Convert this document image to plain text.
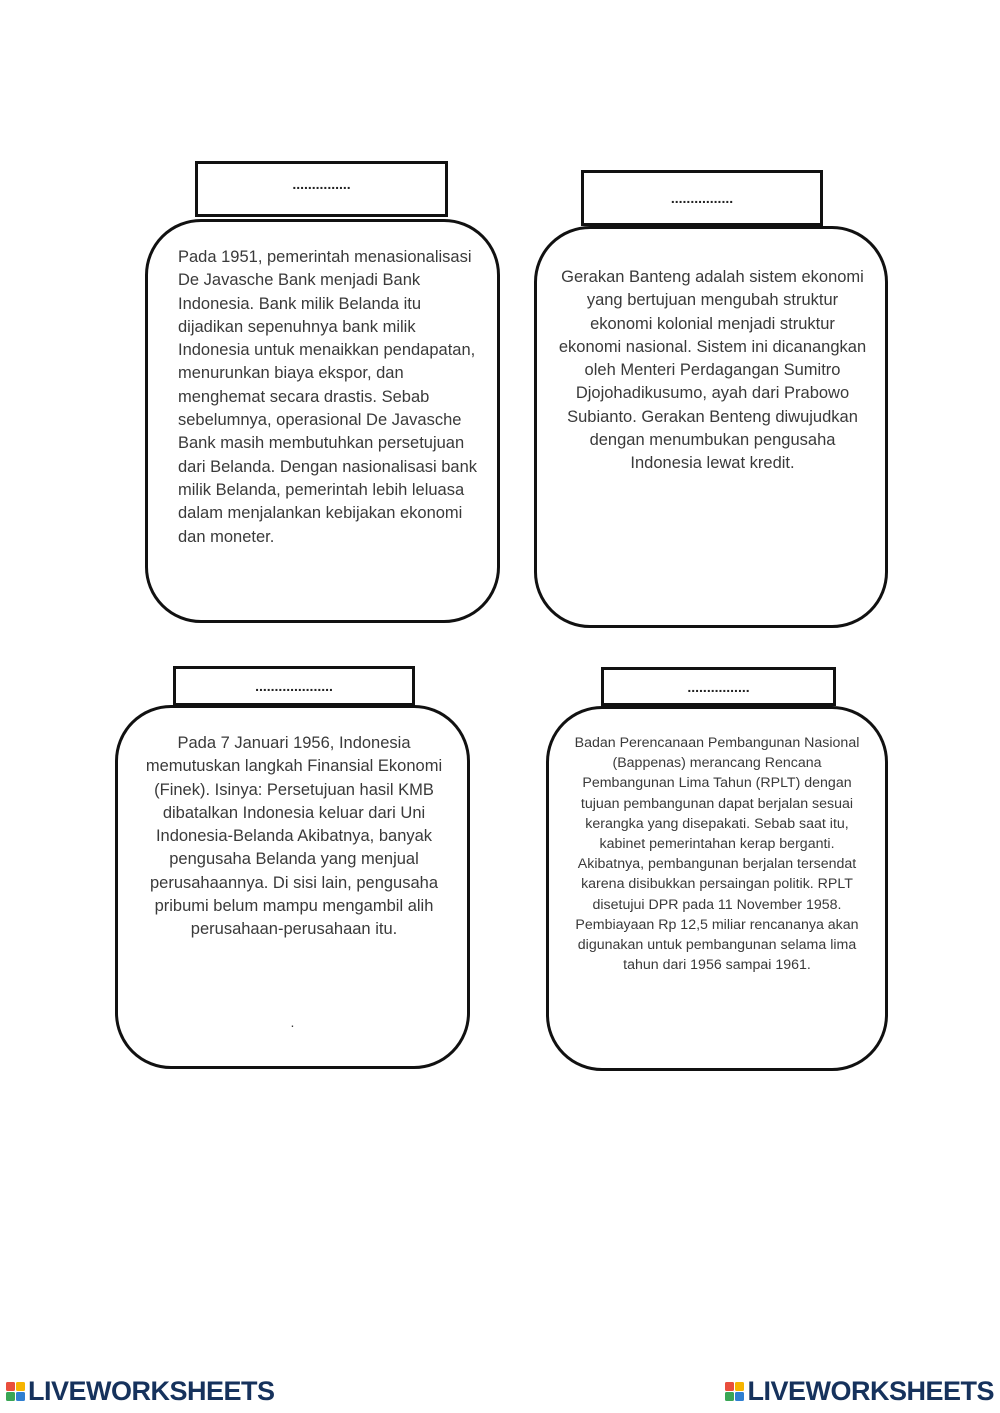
...............

Pada 1951, pemerintah menasionalisasi De Javasche Bank menjadi Bank Indonesia. Bank milik Belanda itu dijadikan sepenuhnya bank milik Indonesia untuk menaikkan pendapatan, menurunkan biaya ekspor, dan menghemat secara drastis. Sebab sebelumnya, operasional De Javasche Bank masih membutuhkan persetujuan dari Belanda. Dengan nasionalisasi bank milik Belanda, pemerintah lebih leluasa dalam menjalankan kebijakan ekonomi dan moneter.

................

Gerakan Banteng adalah sistem ekonomi yang bertujuan mengubah struktur ekonomi kolonial menjadi struktur ekonomi nasional. Sistem ini dicanangkan oleh Menteri Perdagangan Sumitro Djojohadikusumo, ayah dari Prabowo Subianto. Gerakan Benteng diwujudkan dengan menumbukan pengusaha Indonesia lewat kredit.

....................

Pada 7 Januari 1956, Indonesia memutuskan langkah Finansial Ekonomi (Finek). Isinya: Persetujuan hasil KMB dibatalkan Indonesia keluar dari Uni Indonesia-Belanda Akibatnya, banyak pengusaha Belanda yang menjual perusahaannya. Di sisi lain, pengusaha pribumi belum mampu mengambil alih perusahaan-perusahaan itu.

.

................

Badan Perencanaan Pembangunan Nasional (Bappenas) merancang Rencana Pembangunan Lima Tahun (RPLT) dengan tujuan pembangunan dapat berjalan sesuai kerangka yang disepakati. Sebab saat itu, kabinet pemerintahan kerap berganti. Akibatnya, pembangunan berjalan tersendat karena disibukkan persaingan politik. RPLT disetujui DPR pada 11 November 1958. Pembiayaan Rp 12,5 miliar rencananya akan digunakan untuk pembangunan selama lima tahun dari 1956 sampai 1961.

LIVEWORKSHEETS	LIVEWORKSHEETS
